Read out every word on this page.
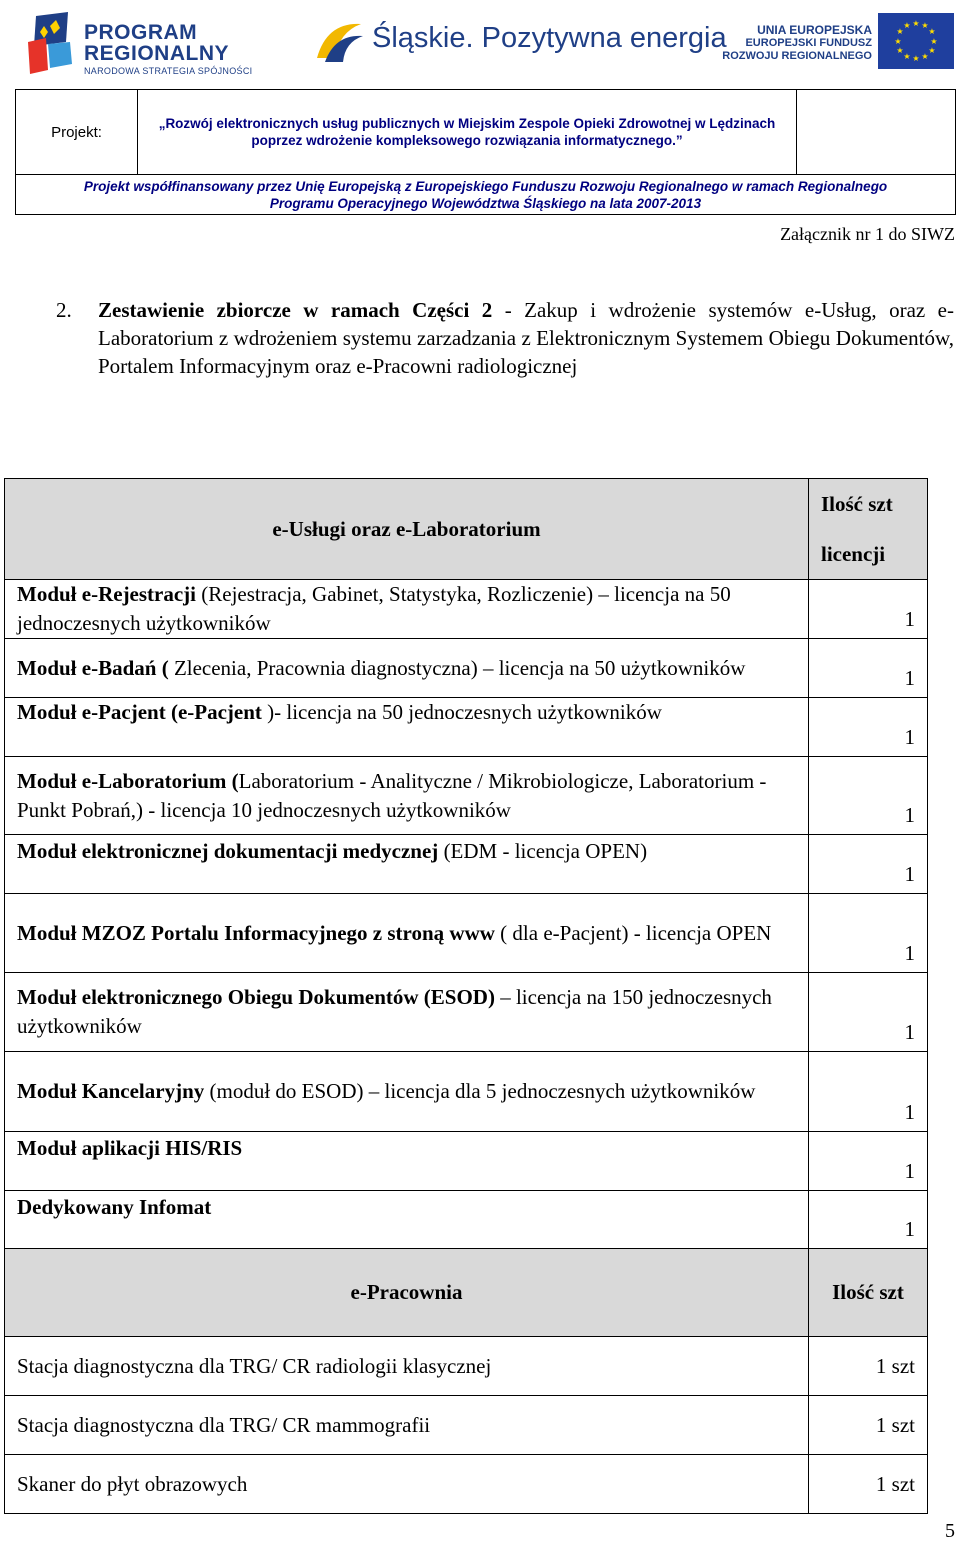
PROGRAM
REGIONALNY
NARODOWA STRATEGIA SPÓJNOŚCI
Śląskie. Pozytywna energia	UNIA EUROPEJSKA
EUROPEJSKI FUNDUSZ
ROZWOJU REGIONALNEGO
★ ★
★
★
★
★
★
★
★
★
★
★
Projekt:	„Rozwój elektronicznych usług publicznych w Miejskim Zespole Opieki Zdrowotnej w Lędzinach
poprzez wdrożenie kompleksowego rozwiązania informatycznego.”
Projekt współfinansowany przez Unię Europejską z Europejskiego Funduszu Rozwoju Regionalnego w ramach Regionalnego
Programu Operacyjnego Województwa Śląskiego na lata 2007-2013
Załącznik nr 1 do SIWZ
2. Zestawienie zbiorcze w ramach Części 2 - Zakup i wdrożenie systemów e-Usług, oraz e-Laboratorium z wdrożeniem systemu zarzadzania z Elektronicznym Systemem Obiegu Dokumentów, Portalem Informacyjnym oraz e-Pracowni radiologicznej
e-Usługi oraz e-Laboratorium	Ilość szt
licencji

Moduł e-Rejestracji (Rejestracja, Gabinet, Statystyka, Rozliczenie) – licencja na 50 jednoczesnych użytkowników	1
Moduł e-Badań ( Zlecenia, Pracownia diagnostyczna) – licencja na 50 użytkowników	1
Moduł e-Pacjent (e-Pacjent )- licencja na 50 jednoczesnych użytkowników	1
Moduł e-Laboratorium (Laboratorium - Analityczne / Mikrobiologicze, Laboratorium - Punkt Pobrań,) - licencja 10 jednoczesnych użytkowników	1
Moduł elektronicznej dokumentacji medycznej (EDM - licencja OPEN)	1
Moduł MZOZ Portalu Informacyjnego z stroną www ( dla e-Pacjent) - licencja OPEN	1
Moduł elektronicznego Obiegu Dokumentów (ESOD) – licencja na 150 jednoczesnych użytkowników	1
Moduł Kancelaryjny (moduł do ESOD) – licencja dla 5 jednoczesnych użytkowników	1
Moduł aplikacji HIS/RIS	1
Dedykowany Infomat	1
e-Pracownia	Ilość szt
Stacja diagnostyczna dla TRG/ CR radiologii klasycznej	1 szt
Stacja diagnostyczna dla TRG/ CR mammografii	1 szt
Skaner do płyt obrazowych	1 szt
5
